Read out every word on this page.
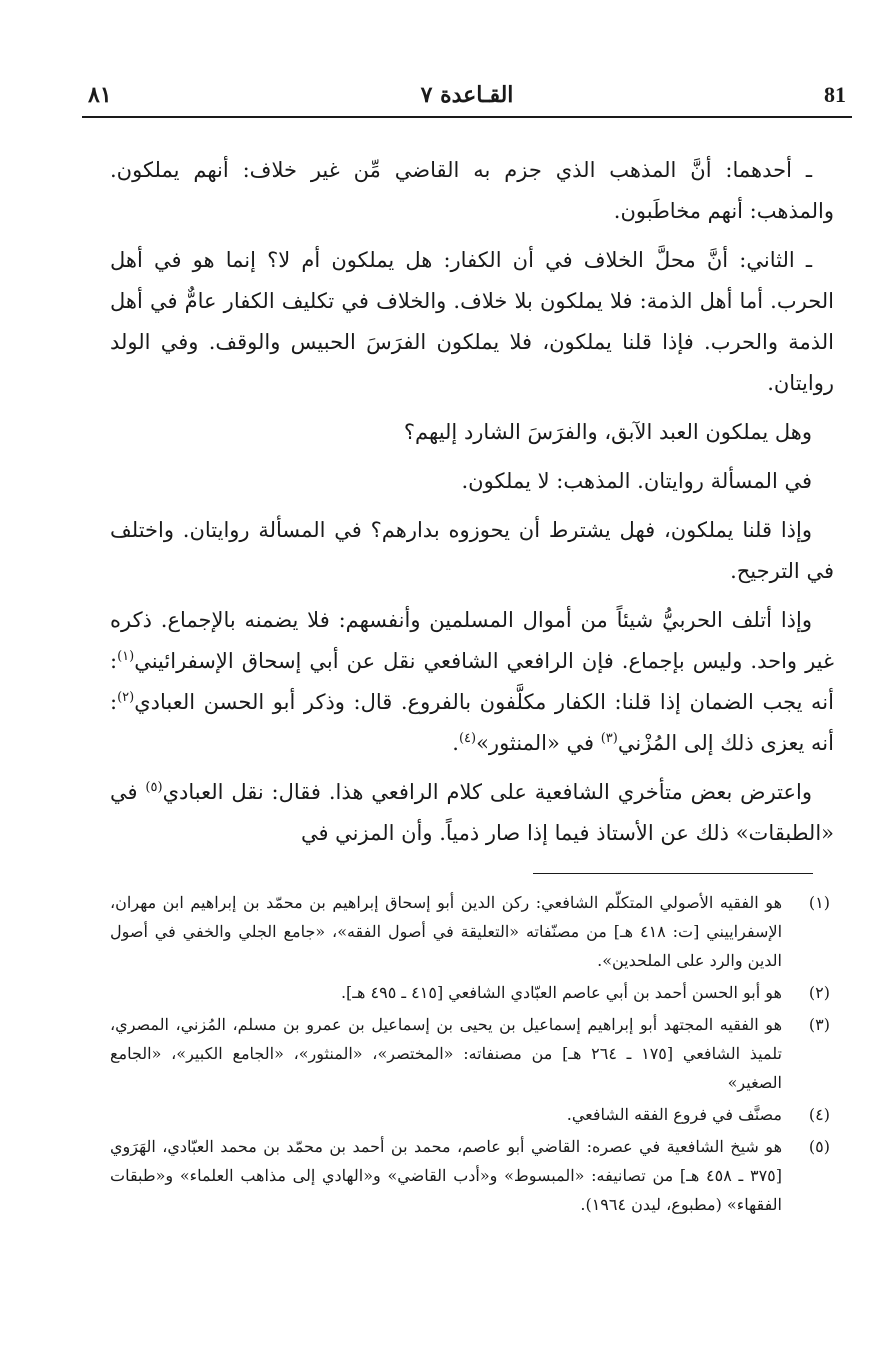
٨١	القـاعدة ٧	81

ـ أحدهما: أنَّ المذهب الذي جزم به القاضي مِّن غير خلاف: أنهم يملكون. والمذهب: أنهم مخاطَبون.

ـ الثاني: أنَّ محلَّ الخلاف في أن الكفار: هل يملكون أم لا؟ إنما هو في أهل الحرب. أما أهل الذمة: فلا يملكون بلا خلاف. والخلاف في تكليف الكفار عامٌّ في أهل الذمة والحرب. فإذا قلنا يملكون، فلا يملكون الفرَسَ الحبيس والوقف. وفي الولد روايتان.

وهل يملكون العبد الآبق، والفرَسَ الشارد إليهم؟

في المسألة روايتان. المذهب: لا يملكون.

وإذا قلنا يملكون، فهل يشترط أن يحوزوه بدارهم؟ في المسألة روايتان. واختلف في الترجيح.

وإذا أتلف الحربيُّ شيئاً من أموال المسلمين وأنفسهم: فلا يضمنه بالإجماع. ذكره غير واحد. وليس بإجماع. فإن الرافعي الشافعي نقل عن أبي إسحاق الإسفرائيني$^{(١)}$: أنه يجب الضمان إذا قلنا: الكفار مكلَّفون بالفروع. قال: وذكر أبو الحسن العبادي$^{(٢)}$: أنه يعزى ذلك إلى المُزْني$^{(٣)}$ في «المنثور»$^{(٤)}$.

واعترض بعض متأخري الشافعية على كلام الرافعي هذا. فقال: نقل العبادي$^{(٥)}$ في «الطبقات» ذلك عن الأستاذ فيما إذا صار ذمياً. وأن المزني في

(١)
هو الفقيه الأصولي المتكلّم الشافعي: ركن الدين أبو إسحاق إبراهيم بن محمّد بن إبراهيم ابن مهران، الإسفراييني [ت: ٤١٨ هـ] من مصنّفاته «التعليقة في أصول الفقه»، «جامع الجلي والخفي في أصول الدين والرد على الملحدين».
(٢)
هو أبو الحسن أحمد بن أبي عاصم العبّادي الشافعي [٤١٥ ـ ٤٩٥ هـ].
(٣)
هو الفقيه المجتهد أبو إبراهيم إسماعيل بن يحيى بن إسماعيل بن عمرو بن مسلم، المُزني، المصري، تلميذ الشافعي [١٧٥ ـ ٢٦٤ هـ] من مصنفاته: «المختصر»، «المنثور»، «الجامع الكبير»، «الجامع الصغير»
(٤)
مصنَّف في فروع الفقه الشافعي.
(٥)
هو شيخ الشافعية في عصره: القاضي أبو عاصم، محمد بن أحمد بن محمّد بن محمد العبّادي، الهَرَوي [٣٧٥ ـ ٤٥٨ هـ] من تصانيفه: «المبسوط» و«أدب القاضي» و«الهادي إلى مذاهب العلماء» و«طبقات الفقهاء» (مطبوع، ليدن ١٩٦٤).
